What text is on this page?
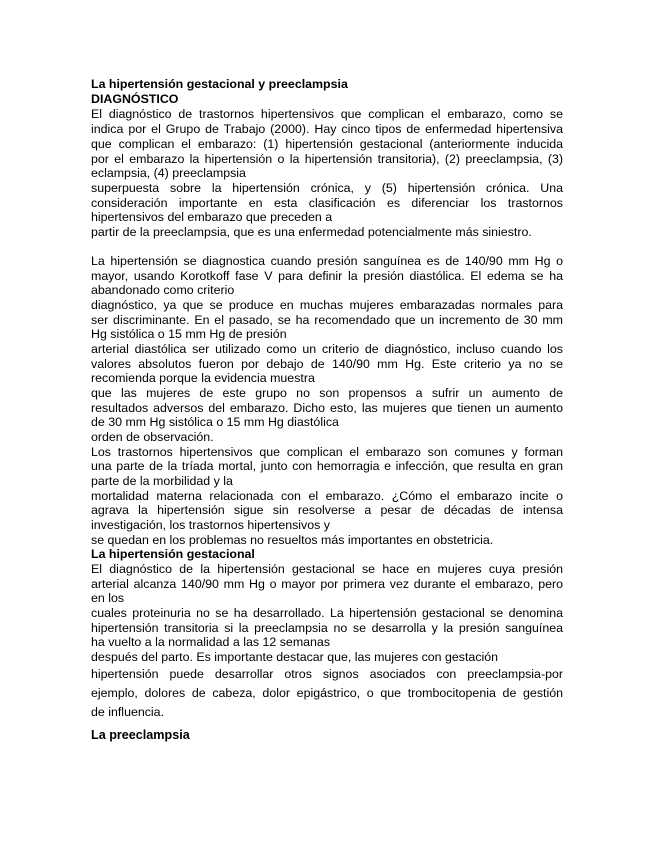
La hipertensión gestacional y preeclampsia
DIAGNÓSTICO
El diagnóstico de trastornos hipertensivos que complican el embarazo, como se
indica por el Grupo de Trabajo (2000). Hay cinco tipos de enfermedad hipertensiva
que complican el embarazo: (1) hipertensión gestacional (anteriormente inducida
por el embarazo la hipertensión o la hipertensión transitoria), (2) preeclampsia, (3)
eclampsia, (4) preeclampsia
superpuesta sobre la hipertensión crónica, y (5) hipertensión crónica. Una
consideración importante en esta clasificación es diferenciar los trastornos
hipertensivos del embarazo que preceden a
partir de la preeclampsia, que es una enfermedad potencialmente más siniestro.
La hipertensión se diagnostica cuando presión sanguínea es de 140/90 mm Hg o
mayor, usando Korotkoff fase V para definir la presión diastólica. El edema se ha
abandonado como criterio
diagnóstico, ya que se produce en muchas mujeres embarazadas normales para
ser discriminante. En el pasado, se ha recomendado que un incremento de 30 mm
Hg sistólica o 15 mm Hg de presión
arterial diastólica ser utilizado como un criterio de diagnóstico, incluso cuando los
valores absolutos fueron por debajo de 140/90 mm Hg. Este criterio ya no se
recomienda porque la evidencia muestra
que las mujeres de este grupo no son propensos a sufrir un aumento de
resultados adversos del embarazo. Dicho esto, las mujeres que tienen un aumento
de 30 mm Hg sistólica o 15 mm Hg diastólica
orden de observación.
Los trastornos hipertensivos que complican el embarazo son comunes y forman
una parte de la tríada mortal, junto con hemorragia e infección, que resulta en gran
parte de la morbilidad y la
mortalidad materna relacionada con el embarazo. ¿Cómo el embarazo incite o
agrava la hipertensión sigue sin resolverse a pesar de décadas de intensa
investigación, los trastornos hipertensivos y
se quedan en los problemas no resueltos más importantes en obstetricia.
La hipertensión gestacional
El diagnóstico de la hipertensión gestacional se hace en mujeres cuya presión
arterial alcanza 140/90 mm Hg o mayor por primera vez durante el embarazo, pero
en los
cuales proteinuria no se ha desarrollado. La hipertensión gestacional se denomina
hipertensión transitoria si la preeclampsia no se desarrolla y la presión sanguínea
ha vuelto a la normalidad a las 12 semanas
después del parto. Es importante destacar que, las mujeres con gestación
hipertensión puede desarrollar otros signos asociados con preeclampsia-por
ejemplo, dolores de cabeza, dolor epigástrico, o que trombocitopenia de gestión
de influencia.
La preeclampsia
